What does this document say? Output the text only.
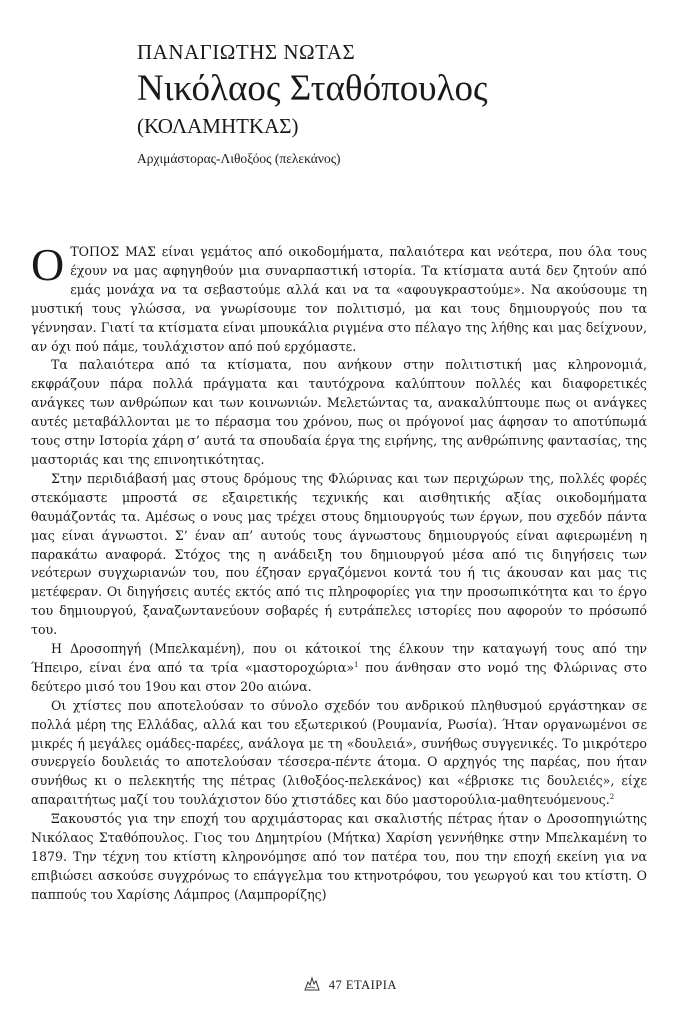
ΠΑΝΑΓΙΩΤΗΣ ΝΩΤΑΣ
Νικόλαος Σταθόπουλος
(ΚΟΛΑΜΗΤΚΑΣ)
Αρχιμάστορας-Λιθοξόος (πελεκάνος)

ΟΤΟΠΟΣ ΜΑΣ είναι γεμάτος από οικοδομήματα, παλαιότερα και νεότερα, που όλα τους έχουν να μας αφηγηθούν μια συναρπαστική ιστορία. Τα κτίσματα αυτά δεν ζητούν από εμάς μονάχα να τα σεβαστούμε αλλά και να τα «αφουγκραστούμε». Να ακούσουμε τη μυστική τους γλώσσα, να γνωρίσουμε τον πολιτισμό, μα και τους δημιουργούς που τα γέννησαν. Γιατί τα κτίσματα είναι μπουκάλια ριγμένα στο πέλαγο της λήθης και μας δείχνουν, αν όχι πού πάμε, τουλάχιστον από πού ερχόμαστε.

Τα παλαιότερα από τα κτίσματα, που ανήκουν στην πολιτιστική μας κληρονομιά, εκφράζουν πάρα πολλά πράγματα και ταυτόχρονα καλύπτουν πολλές και διαφορετικές ανάγκες των ανθρώπων και των κοινωνιών. Μελετώντας τα, ανακαλύπτουμε πως οι ανάγκες αυτές μεταβάλλονται με το πέρασμα του χρόνου, πως οι πρόγονοί μας άφησαν το αποτύπωμά τους στην Ιστορία χάρη σ’ αυτά τα σπουδαία έργα της ειρήνης, της ανθρώπινης φαντασίας, της μαστοριάς και της επινοητικότητας.

Στην περιδιάβασή μας στους δρόμους της Φλώρινας και των περιχώρων της, πολλές φορές στεκόμαστε μπροστά σε εξαιρετικής τεχνικής και αισθητικής αξίας οικοδομήματα θαυμάζοντάς τα. Αμέσως ο νους μας τρέχει στους δημιουργούς των έργων, που σχεδόν πάντα μας είναι άγνωστοι. Σ’ έναν απ’ αυτούς τους άγνωστους δημιουργούς είναι αφιερωμένη η παρακάτω αναφορά. Στόχος της η ανάδειξη του δημιουργού μέσα από τις διηγήσεις των νεότερων συγχωριανών του, που έζησαν εργαζόμενοι κοντά του ή τις άκουσαν και μας τις μετέφεραν. Οι διηγήσεις αυτές εκτός από τις πληροφορίες για την προσωπικότητα και το έργο του δημιουργού, ξαναζωντανεύουν σοβαρές ή ευτράπελες ιστορίες που αφορούν το πρόσωπό του.

Η Δροσοπηγή (Μπελκαμένη), που οι κάτοικοί της έλκουν την καταγωγή τους από την Ήπειρο, είναι ένα από τα τρία «μαστοροχώρια»$^1$ που άνθησαν στο νομό της Φλώρινας στο δεύτερο μισό του 19ου και στον 20ο αιώνα.

Οι χτίστες που αποτελούσαν το σύνολο σχεδόν του ανδρικού πληθυσμού εργάστηκαν σε πολλά μέρη της Ελλάδας, αλλά και του εξωτερικού (Ρουμανία, Ρωσία). Ήταν οργανωμένοι σε μικρές ή μεγάλες ομάδες-παρέες, ανάλογα με τη «δουλειά», συνήθως συγγενικές. Το μικρότερο συνεργείο δουλειάς το αποτελούσαν τέσσερα-πέντε άτομα. Ο αρχηγός της παρέας, που ήταν συνήθως κι ο πελεκητής της πέτρας (λιθοξόος-πελεκάνος) και «έβρισκε τις δουλειές», είχε απαραιτήτως μαζί του τουλάχιστον δύο χτιστάδες και δύο μαστορούλια-μαθητευόμενους.$^2$

Ξακουστός για την εποχή του αρχιμάστορας και σκαλιστής πέτρας ήταν ο Δροσοπηγιώτης Νικόλαος Σταθόπουλος. Γιος του Δημητρίου (Μήτκα) Χαρίση γεννήθηκε στην Μπελκαμένη το 1879. Την τέχνη του κτίστη κληρονόμησε από τον πατέρα του, που την εποχή εκείνη για να επιβιώσει ασκούσε συγχρόνως το επάγγελμα του κτηνοτρόφου, του γεωργού και του κτίστη. Ο παππούς του Χαρίσης Λάμπρος (Λαμπρορίζης)

47 ΕΤΑΙΡΙΑ
